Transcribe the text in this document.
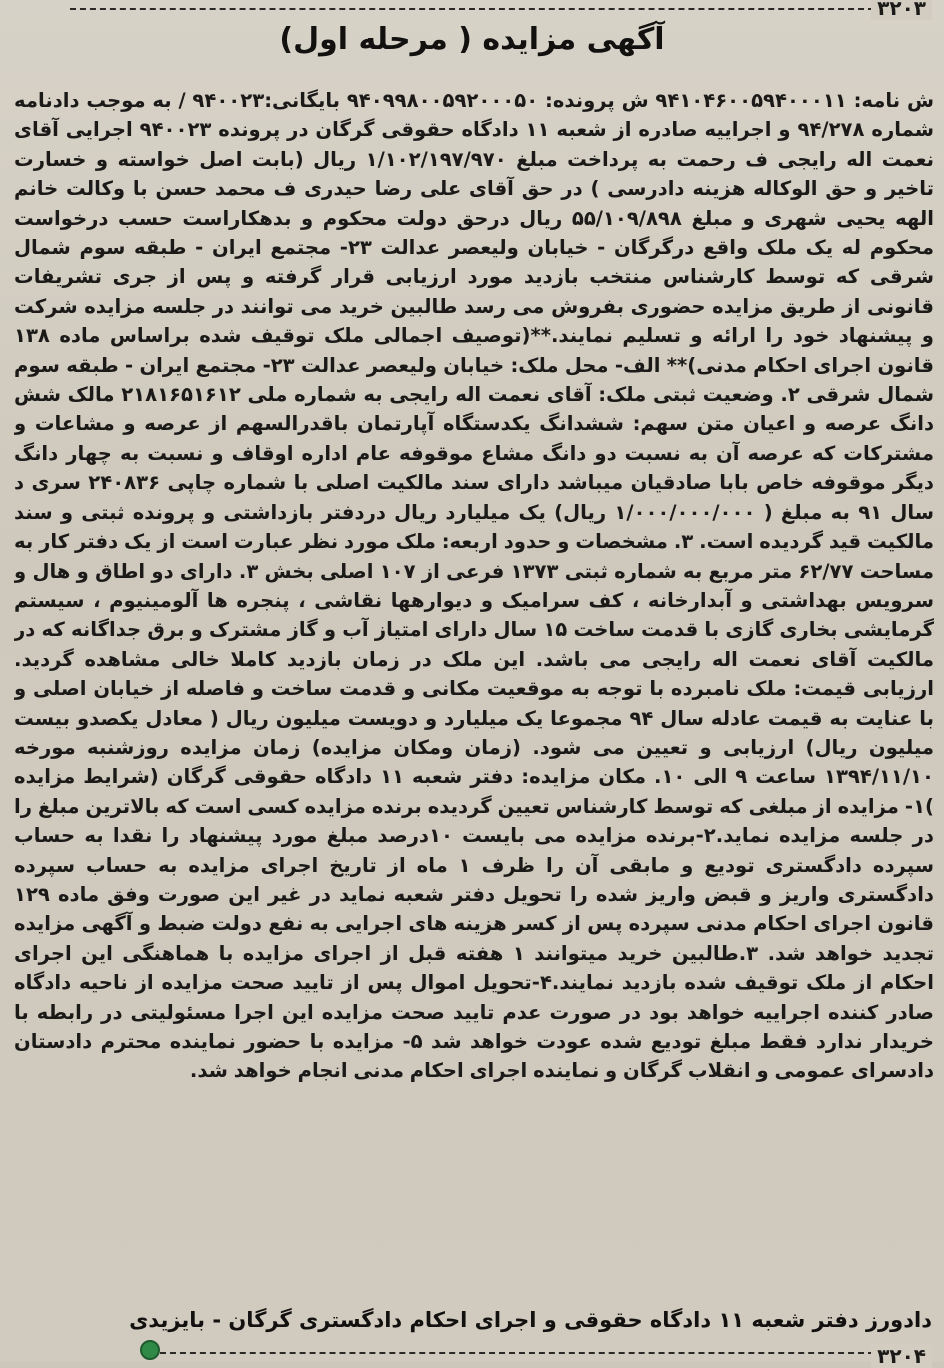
۳۲۰۳
آگهی مزایده ( مرحله اول)
ش نامه: ۹۴۱۰۴۶۰۰۵۹۴۰۰۰۱۱ ش پرونده: ۹۴۰۹۹۸۰۰۵۹۲۰۰۰۵۰ بایگانی:۹۴۰۰۲۳ / به موجب دادنامه شماره ۹۴/۲۷۸ و اجراییه صادره از شعبه ۱۱ دادگاه حقوقی گرگان در پرونده ۹۴۰۰۲۳ اجرایی آقای نعمت اله رایجی ف رحمت به پرداخت مبلغ ۱/۱۰۲/۱۹۷/۹۷۰ ریال (بابت اصل خواسته و خسارت تاخیر و حق الوکاله هزینه دادرسی ) در حق آقای علی رضا حیدری ف محمد حسن با وکالت خانم الهه یحیی شهری و مبلغ ۵۵/۱۰۹/۸۹۸ ریال درحق دولت محکوم و بدهکاراست حسب درخواست محکوم له یک ملک واقع درگرگان - خیابان ولیعصر عدالت ۲۳- مجتمع ایران - طبقه سوم شمال شرقی که توسط کارشناس منتخب بازدید مورد ارزیابی قرار گرفته و پس از جری تشریفات قانونی از طریق مزایده حضوری بفروش می رسد طالبین خرید می توانند در جلسه مزایده شرکت و پیشنهاد خود را ارائه و تسلیم نمایند.**(توصیف اجمالی ملک توقیف شده براساس ماده ۱۳۸ قانون اجرای احکام مدنی)** الف- محل ملک: خیابان ولیعصر عدالت ۲۳- مجتمع ایران - طبقه سوم شمال شرقی ۲. وضعیت ثبتی ملک: آقای نعمت اله رایجی به شماره ملی ۲۱۸۱۶۵۱۶۱۲ مالک شش دانگ عرصه و اعیان متن سهم: ششدانگ یکدستگاه آپارتمان باقدرالسهم از عرصه و مشاعات و مشترکات که عرصه آن به نسبت دو دانگ مشاع موقوفه عام اداره اوقاف و نسبت به چهار دانگ دیگر موقوفه خاص بابا صادقیان میباشد دارای سند مالکیت اصلی با شماره چاپی ۲۴۰۸۳۶ سری د سال ۹۱ به مبلغ ( ۱/۰۰۰/۰۰۰/۰۰۰ ریال) یک میلیارد ریال دردفتر بازداشتی و پرونده ثبتی و سند مالکیت قید گردیده است. ۳. مشخصات و حدود اربعه: ملک مورد نظر عبارت است از یک دفتر کار به مساحت ۶۲/۷۷ متر مربع به شماره ثبتی ۱۳۷۳ فرعی از ۱۰۷ اصلی بخش ۳. دارای دو اطاق و هال و سرویس بهداشتی و آبدارخانه ، کف سرامیک و دیوارهها نقاشی ، پنجره ها آلومینیوم ، سیستم گرمایشی بخاری گازی با قدمت ساخت ۱۵ سال دارای امتیاز آب و گاز مشترک و برق جداگانه که در مالکیت آقای نعمت اله رایجی می باشد. این ملک در زمان بازدید کاملا خالی مشاهده گردید. ارزیابی قیمت: ملک نامبرده با توجه به موقعیت مکانی و قدمت ساخت و فاصله از خیابان اصلی و با عنایت به قیمت عادله سال ۹۴ مجموعا یک میلیارد و دویست میلیون ریال ( معادل یکصدو بیست میلیون ریال) ارزیابی و تعیین می شود. (زمان ومکان مزایده) زمان مزایده روزشنبه مورخه ۱۳۹۴/۱۱/۱۰ ساعت ۹ الی ۱۰. مکان مزایده: دفتر شعبه ۱۱ دادگاه حقوقی گرگان (شرایط مزایده )۱- مزایده از مبلغی که توسط کارشناس تعیین گردیده برنده مزایده کسی است که بالاترین مبلغ را در جلسه مزایده نماید.۲-برنده مزایده می بایست ۱۰درصد مبلغ مورد پیشنهاد را نقدا به حساب سپرده دادگستری تودیع و مابقی آن را ظرف ۱ ماه از تاریخ اجرای مزایده به حساب سپرده دادگستری واریز و قبض واریز شده را تحویل دفتر شعبه نماید در غیر این صورت وفق ماده ۱۲۹ قانون اجرای احکام مدنی سپرده پس از کسر هزینه های اجرایی به نفع دولت ضبط و آگهی مزایده تجدید خواهد شد. ۳.طالبین خرید میتوانند ۱ هفته قبل از اجرای مزایده با هماهنگی این اجرای احکام از ملک توقیف شده بازدید نمایند.۴-تحویل اموال پس از تایید صحت مزایده از ناحیه دادگاه صادر کننده اجراییه خواهد بود در صورت عدم تایید صحت مزایده این اجرا مسئولیتی در رابطه با خریدار ندارد فقط مبلغ تودیع شده عودت خواهد شد ۵- مزایده با حضور نماینده محترم دادستان دادسرای عمومی و انقلاب گرگان و نماینده اجرای احکام مدنی انجام خواهد شد.
دادورز دفتر شعبه ۱۱ دادگاه حقوقی و اجرای احکام دادگستری گرگان - بایزیدی
۳۲۰۴
